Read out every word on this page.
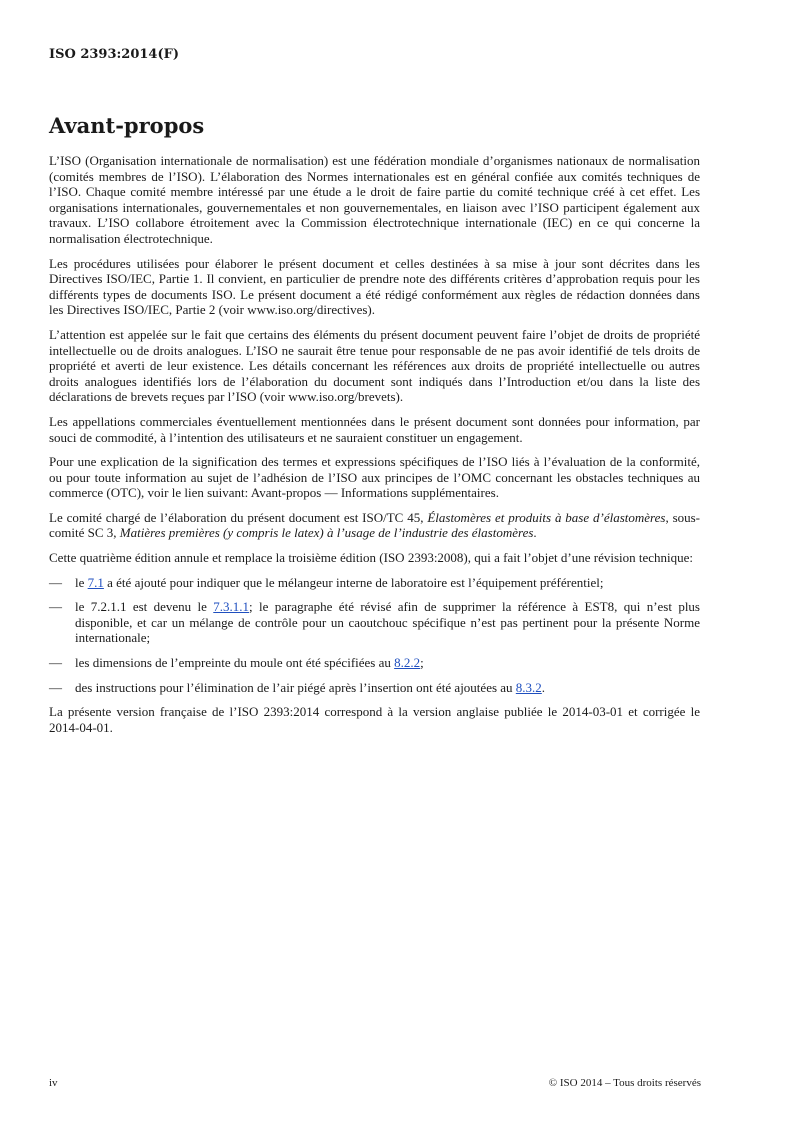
ISO 2393:2014(F)
Avant-propos

L’ISO (Organisation internationale de normalisation) est une fédération mondiale d’organismes nationaux de normalisation (comités membres de l’ISO). L’élaboration des Normes internationales est en général confiée aux comités techniques de l’ISO. Chaque comité membre intéressé par une étude a le droit de faire partie du comité technique créé à cet effet. Les organisations internationales, gouvernementales et non gouvernementales, en liaison avec l’ISO participent également aux travaux. L’ISO collabore étroitement avec la Commission électrotechnique internationale (IEC) en ce qui concerne la normalisation électrotechnique.

Les procédures utilisées pour élaborer le présent document et celles destinées à sa mise à jour sont décrites dans les Directives ISO/IEC, Partie 1. Il convient, en particulier de prendre note des différents critères d’approbation requis pour les différents types de documents ISO. Le présent document a été rédigé conformément aux règles de rédaction données dans les Directives ISO/IEC, Partie 2 (voir www.iso.org/directives).

L’attention est appelée sur le fait que certains des éléments du présent document peuvent faire l’objet de droits de propriété intellectuelle ou de droits analogues. L’ISO ne saurait être tenue pour responsable de ne pas avoir identifié de tels droits de propriété et averti de leur existence. Les détails concernant les références aux droits de propriété intellectuelle ou autres droits analogues identifiés lors de l’élaboration du document sont indiqués dans l’Introduction et/ou dans la liste des déclarations de brevets reçues par l’ISO (voir www.iso.org/brevets).

Les appellations commerciales éventuellement mentionnées dans le présent document sont données pour information, par souci de commodité, à l’intention des utilisateurs et ne sauraient constituer un engagement.

Pour une explication de la signification des termes et expressions spécifiques de l’ISO liés à l’évaluation de la conformité, ou pour toute information au sujet de l’adhésion de l’ISO aux principes de l’OMC concernant les obstacles techniques au commerce (OTC), voir le lien suivant: Avant-propos — Informations supplémentaires.

Le comité chargé de l’élaboration du présent document est ISO/TC 45, Élastomères et produits à base d’élastomères, sous-comité SC 3, Matières premières (y compris le latex) à l’usage de l’industrie des élastomères.

Cette quatrième édition annule et remplace la troisième édition (ISO 2393:2008), qui a fait l’objet d’une révision technique:

—	le 7.1 a été ajouté pour indiquer que le mélangeur interne de laboratoire est l’équipement préférentiel;
—	le 7.2.1.1 est devenu le 7.3.1.1; le paragraphe été révisé afin de supprimer la référence à EST8, qui n’est plus disponible, et car un mélange de contrôle pour un caoutchouc spécifique n’est pas pertinent pour la présente Norme internationale;
—	les dimensions de l’empreinte du moule ont été spécifiées au 8.2.2;
—	des instructions pour l’élimination de l’air piégé après l’insertion ont été ajoutées au 8.3.2.

La présente version française de l’ISO 2393:2014 correspond à la version anglaise publiée le 2014-03-01 et corrigée le 2014-04-01.

iv	© ISO 2014 – Tous droits réservés
